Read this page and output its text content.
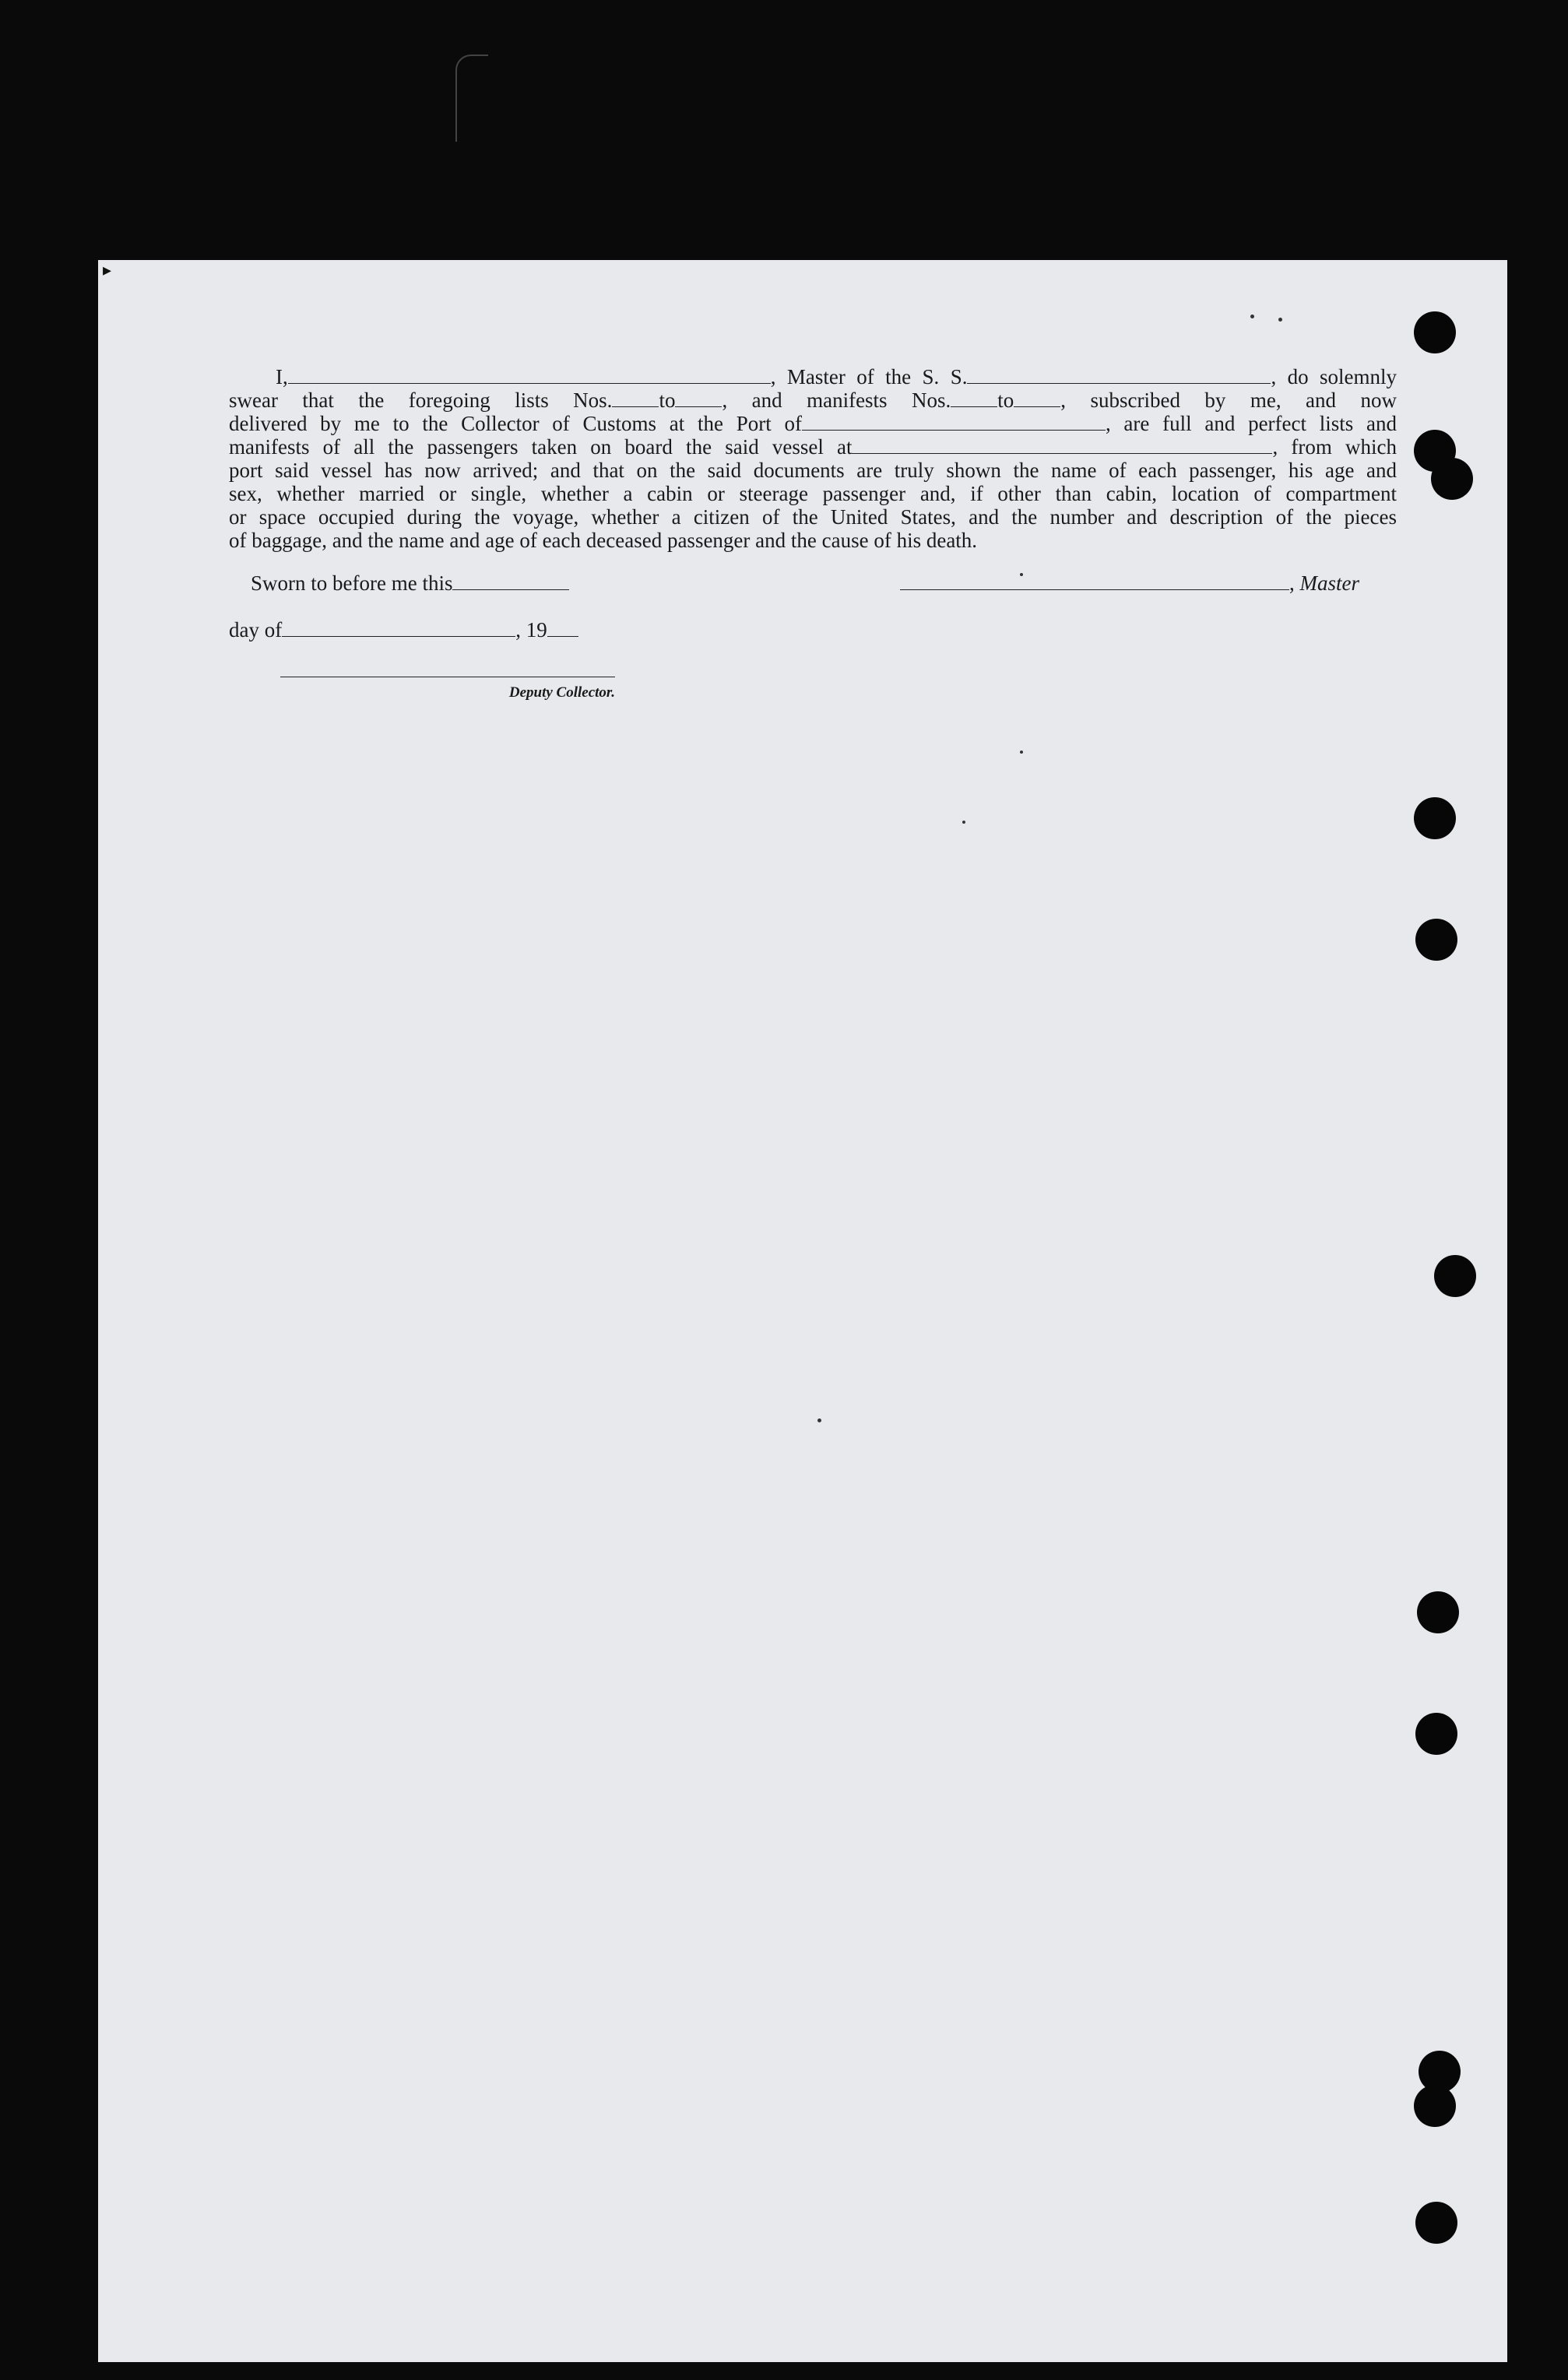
▸
I,	, Master of the S. S.	, do solemnly
swear that the foregoing lists Nos. to , and manifests Nos. to , subscribed by me, and now
delivered by me to the Collector of Customs at the Port of	, are full and perfect lists and
manifests of all the passengers taken on board the said vessel at	, from which
port said vessel has now arrived; and that on the said documents are truly shown the name of each passenger, his age and
sex, whether married or single, whether a cabin or steerage passenger and, if other than cabin, location of compartment
or space occupied during the voyage, whether a citizen of the United States, and the number and description of the pieces
of baggage, and the name and age of each deceased passenger and the cause of his death.
Sworn to before me this
day of	, 19
Deputy Collector.
, Master
